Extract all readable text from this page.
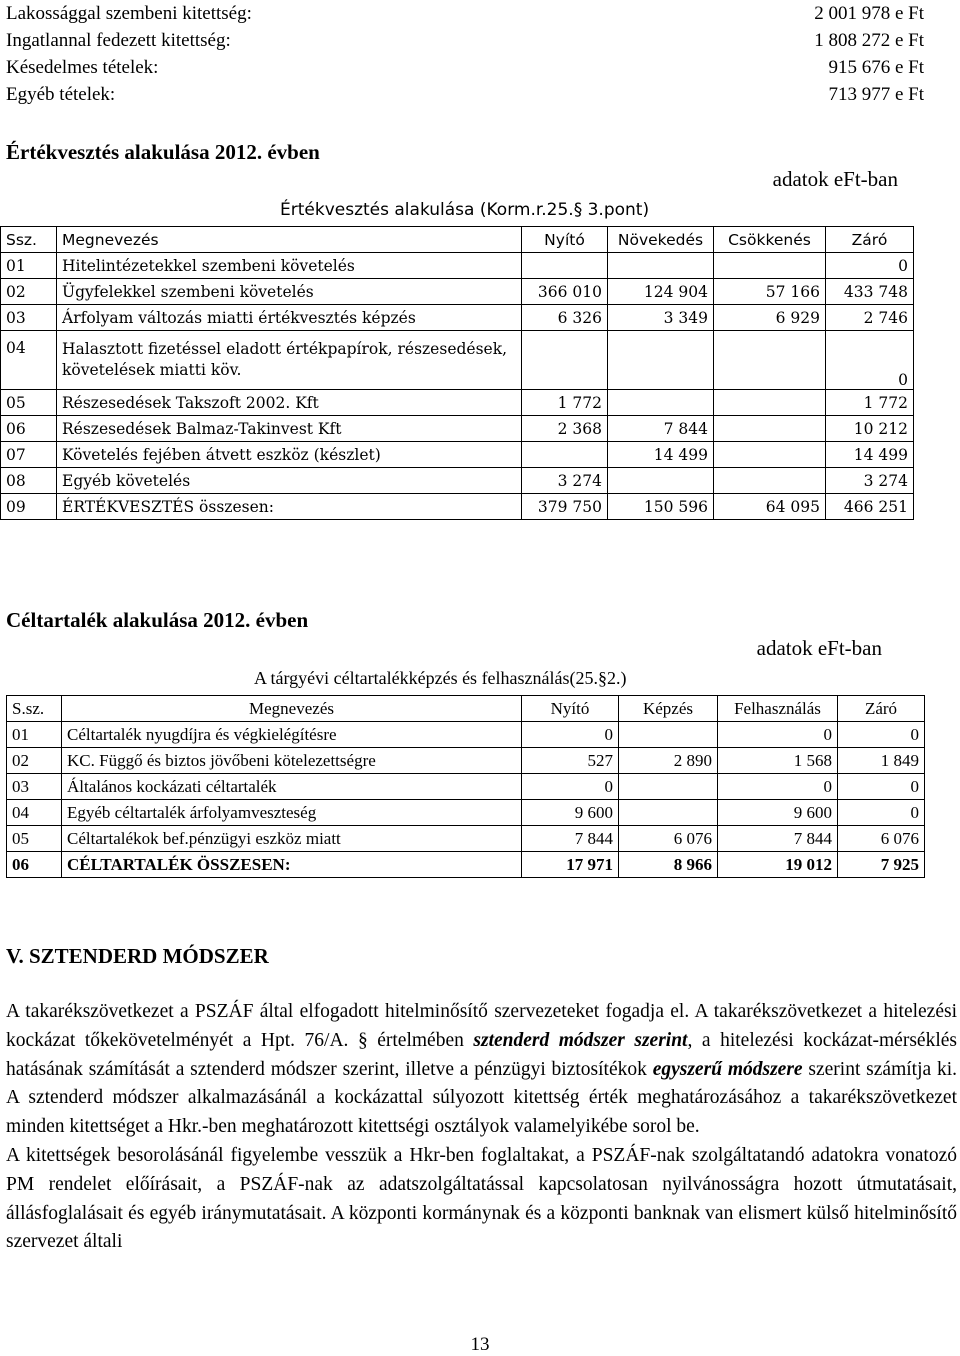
Lakossággal szembeni kitettség:	2 001 978 e Ft
Ingatlannal fedezett kitettség:	1 808 272 e Ft
Késedelmes tételek:	915 676 e Ft
Egyéb tételek:	713 977 e Ft
Értékvesztés alakulása 2012. évben
adatok eFt-ban
Értékvesztés alakulása (Korm.r.25.§ 3.pont)
Ssz.	Megnevezés	Nyító	Növekedés	Csökkenés	Záró
01	Hitelintézetekkel szembeni követelés				0
02	Ügyfelekkel szembeni követelés	366 010	124 904	57 166	433 748
03	Árfolyam változás miatti értékvesztés képzés	6 326	3 349	6 929	2 746
04	Halasztott fizetéssel eladott értékpapírok, részesedések, követelések miatti köv.				0
05	Részesedések Takszoft 2002. Kft	1 772			1 772
06	Részesedések Balmaz-Takinvest Kft	2 368	7 844		10 212
07	Követelés fejében átvett eszköz (készlet)		14 499		14 499
08	Egyéb követelés	3 274			3 274
09	ÉRTÉKVESZTÉS összesen:	379 750	150 596	64 095	466 251
Céltartalék alakulása 2012. évben
adatok eFt-ban
A tárgyévi céltartalékképzés és felhasználás(25.§2.)
S.sz.	Megnevezés	Nyító	Képzés	Felhasználás	Záró
01	Céltartalék nyugdíjra és végkielégítésre	0		0	0
02	KC. Függő és biztos jövőbeni kötelezettségre	527	2 890	1 568	1 849
03	Általános kockázati céltartalék	0		0	0
04	Egyéb céltartalék árfolyamveszteség	9 600		9 600	0
05	Céltartalékok bef.pénzügyi eszköz miatt	7 844	6 076	7 844	6 076
06	CÉLTARTALÉK ÖSSZESEN:	17 971	8 966	19 012	7 925
V. SZTENDERD MÓDSZER

A takarékszövetkezet a PSZÁF által elfogadott hitelminősítő szervezeteket fogadja el. A takarékszövetkezet a hitelezési kockázat tőkekövetelményét a Hpt. 76/A. § értelmében sztenderd módszer szerint, a hitelezési kockázat-mérséklés hatásának számítását a sztenderd módszer szerint, illetve a pénzügyi biztosítékok egyszerű módszere szerint számítja ki. A sztenderd módszer alkalmazásánál a kockázattal súlyozott kitettség érték meghatározásához a takarékszövetkezet minden kitettséget a Hkr.-ben meghatározott kitettségi osztályok valamelyikébe sorol be.

A kitettségek besorolásánál figyelembe vesszük a Hkr-ben foglaltakat, a PSZÁF-nak szolgáltatandó adatokra vonatozó PM rendelet előírásait, a PSZÁF-nak az adatszolgáltatással kapcsolatosan nyilvánosságra hozott útmutatásait, állásfoglalásait és egyéb iránymutatásait. A központi kormánynak és a központi banknak van elismert külső hitelminősítő szervezet általi

13
